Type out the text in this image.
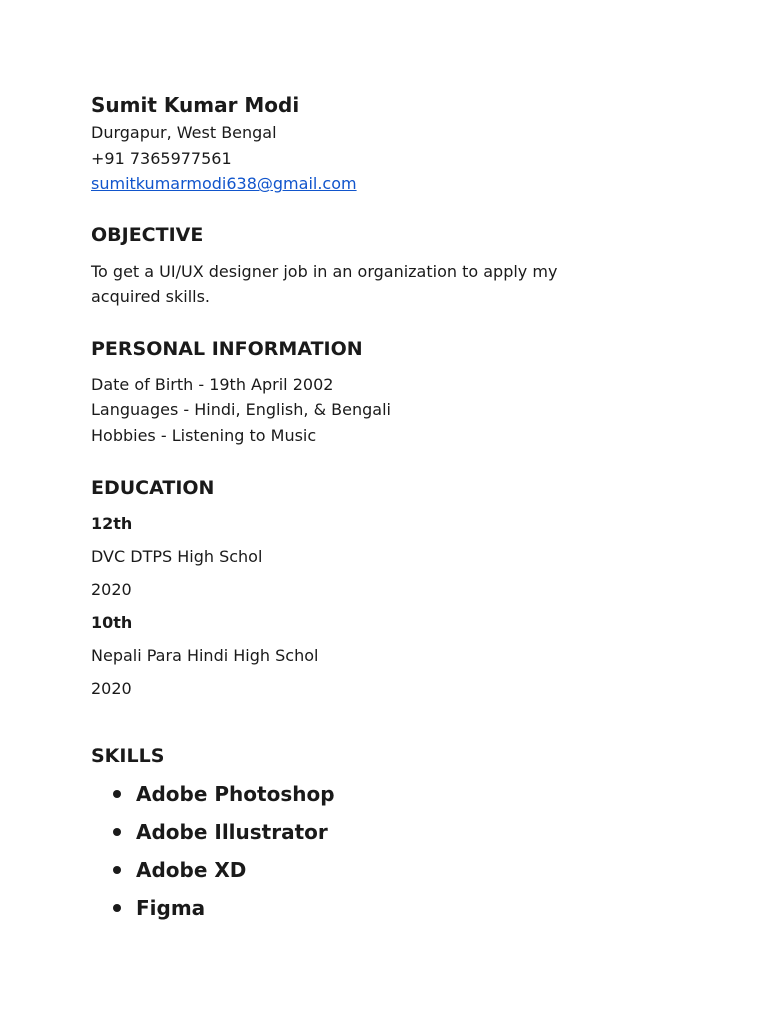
Sumit Kumar Modi

Durgapur, West Bengal

+91 7365977561

sumitkumarmodi638@gmail.com

OBJECTIVE

To get a UI/UX designer job in an organization to apply my

acquired skills.

PERSONAL INFORMATION

Date of Birth - 19th April 2002

Languages - Hindi, English, & Bengali

Hobbies - Listening to Music

EDUCATION

12th

DVC DTPS High Schol

2020

10th

Nepali Para Hindi High Schol

2020

SKILLS
Adobe Photoshop
Adobe Illustrator
Adobe XD
Figma
